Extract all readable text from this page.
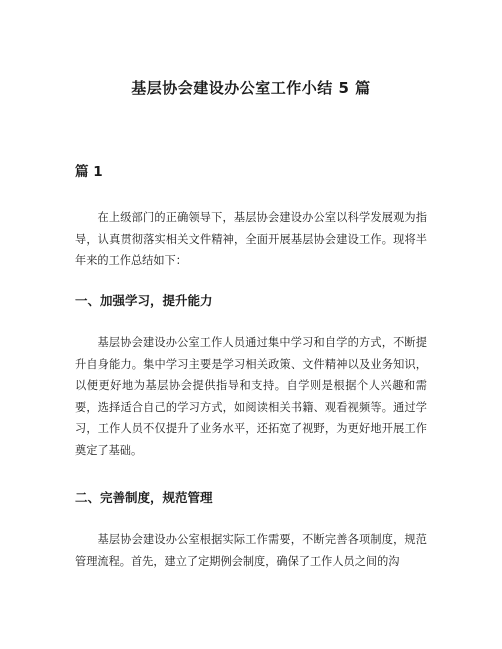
基层协会建设办公室工作小结 5 篇
篇 1

在上级部门的正确领导下，基层协会建设办公室以科学发展观为指导，认真贯彻落实相关文件精神，全面开展基层协会建设工作。现将半年来的工作总结如下：

一、加强学习，提升能力

基层协会建设办公室工作人员通过集中学习和自学的方式，不断提升自身能力。集中学习主要是学习相关政策、文件精神以及业务知识，以便更好地为基层协会提供指导和支持。自学则是根据个人兴趣和需要，选择适合自己的学习方式，如阅读相关书籍、观看视频等。通过学习，工作人员不仅提升了业务水平，还拓宽了视野，为更好地开展工作奠定了基础。

二、完善制度，规范管理

基层协会建设办公室根据实际工作需要，不断完善各项制度，规范管理流程。首先，建立了定期例会制度，确保了工作人员之间的沟
